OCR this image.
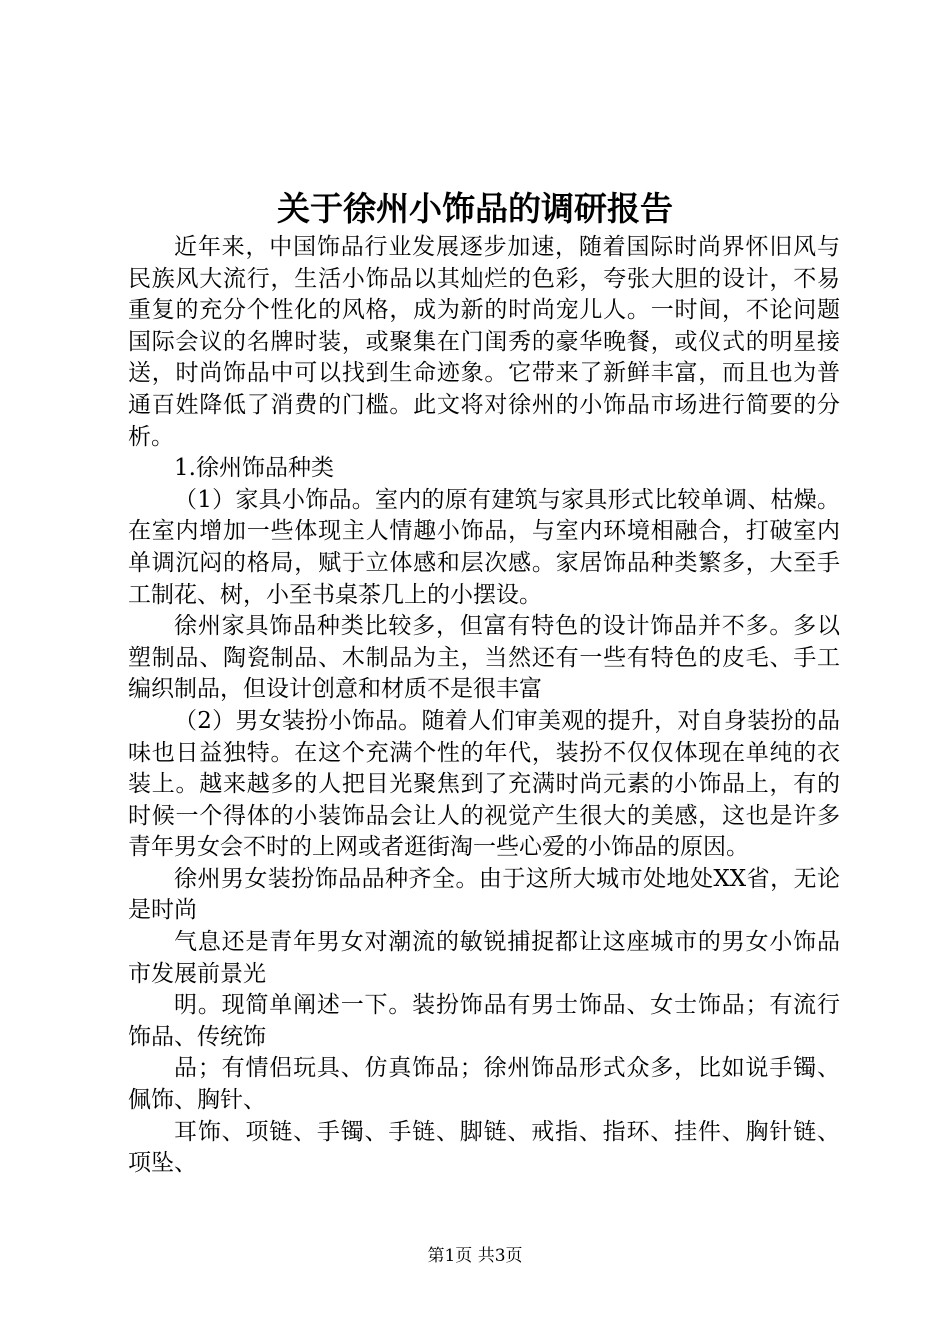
关于徐州小饰品的调研报告

近年来，中国饰品行业发展逐步加速，随着国际时尚界怀旧风与民族风大流行，生活小饰品以其灿烂的色彩，夸张大胆的设计，不易重复的充分个性化的风格，成为新的时尚宠儿人。一时间，不论问题国际会议的名牌时装，或聚集在门闺秀的豪华晚餐，或仪式的明星接送，时尚饰品中可以找到生命迹象。它带来了新鲜丰富，而且也为普通百姓降低了消费的门槛。此文将对徐州的小饰品市场进行简要的分析。

1.徐州饰品种类

（1）家具小饰品。室内的原有建筑与家具形式比较单调、枯燥。在室内增加一些体现主人情趣小饰品，与室内环境相融合，打破室内单调沉闷的格局，赋于立体感和层次感。家居饰品种类繁多，大至手工制花、树，小至书桌茶几上的小摆设。

徐州家具饰品种类比较多，但富有特色的设计饰品并不多。多以塑制品、陶瓷制品、木制品为主，当然还有一些有特色的皮毛、手工编织制品，但设计创意和材质不是很丰富

（2）男女装扮小饰品。随着人们审美观的提升，对自身装扮的品味也日益独特。在这个充满个性的年代，装扮不仅仅体现在单纯的衣装上。越来越多的人把目光聚焦到了充满时尚元素的小饰品上，有的时候一个得体的小装饰品会让人的视觉产生很大的美感，这也是许多青年男女会不时的上网或者逛街淘一些心爱的小饰品的原因。

徐州男女装扮饰品品种齐全。由于这所大城市处地处XX省，无论是时尚

气息还是青年男女对潮流的敏锐捕捉都让这座城市的男女小饰品市发展前景光

明。现简单阐述一下。装扮饰品有男士饰品、女士饰品；有流行饰品、传统饰

品；有情侣玩具、仿真饰品；徐州饰品形式众多，比如说手镯、佩饰、胸针、

耳饰、项链、手镯、手链、脚链、戒指、指环、挂件、胸针链、项坠、

第1页 共3页
